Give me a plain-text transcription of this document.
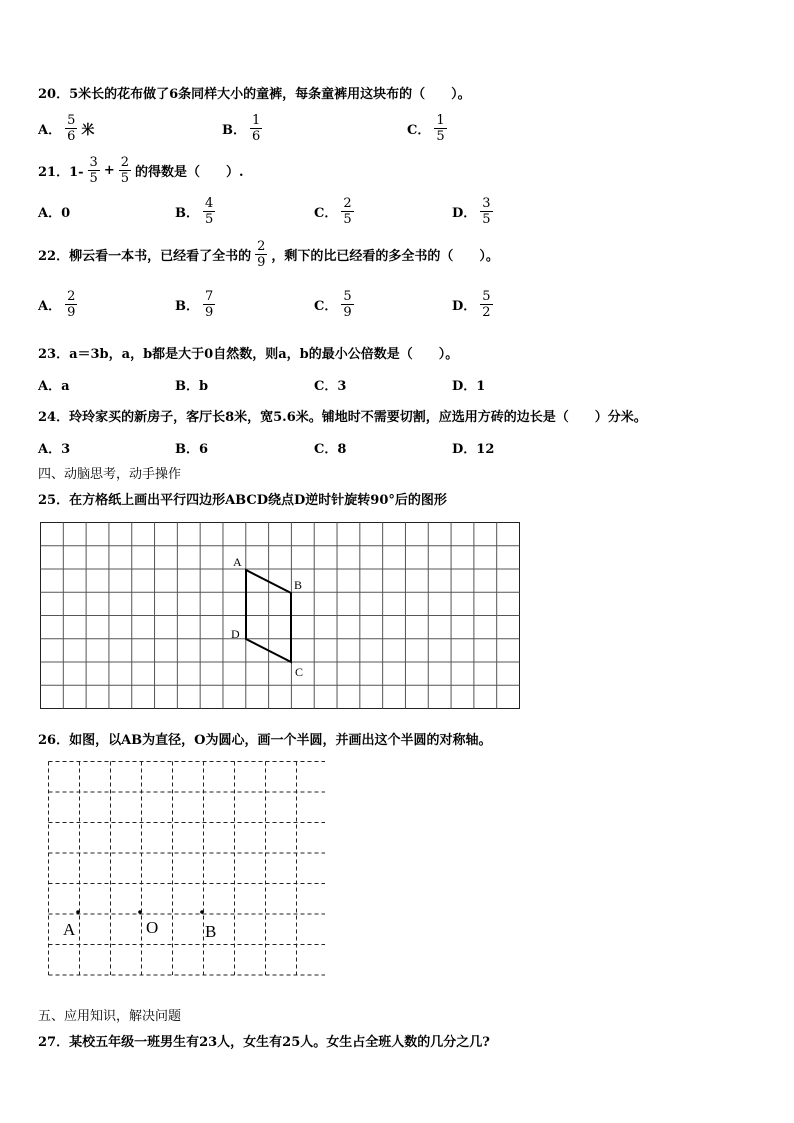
20．5米长的花布做了6条同样大小的童裤，每条童裤用这块布的（　　）。
A． $\frac{5}{6}$ 米	B． $\frac{1}{6}$	C． $\frac{1}{5}$
21．$1- \frac{3}{5} + \frac{2}{5}$ 的得数是（　　）.
A．0	B． $\frac{4}{5}$	C． $\frac{2}{5}$	D． $\frac{3}{5}$
22．柳云看一本书，已经看了全书的 $\frac{2}{9}$ ，剩下的比已经看的多全书的（　　）。
A． $\frac{2}{9}$	B． $\frac{7}{9}$	C． $\frac{5}{9}$	D． $\frac{5}{2}$
23．a＝3b，a，b都是大于0自然数，则a，b的最小公倍数是（　　）。
A．a	B．b	C．3	D．1
24．玲玲家买的新房子，客厅长8米，宽5.6米。铺地时不需要切割，应选用方砖的边长是（　　）分米。
A．3	B．6	C．8	D．12
四、动脑思考，动手操作
25．在方格纸上画出平行四边形ABCD绕点D逆时针旋转90°后的图形
A
B
C
D
26．如图，以AB为直径，O为圆心，画一个半圆，并画出这个半圆的对称轴。
A	O	B
五、应用知识，解决问题
27．某校五年级一班男生有23人，女生有25人。女生占全班人数的几分之几?
